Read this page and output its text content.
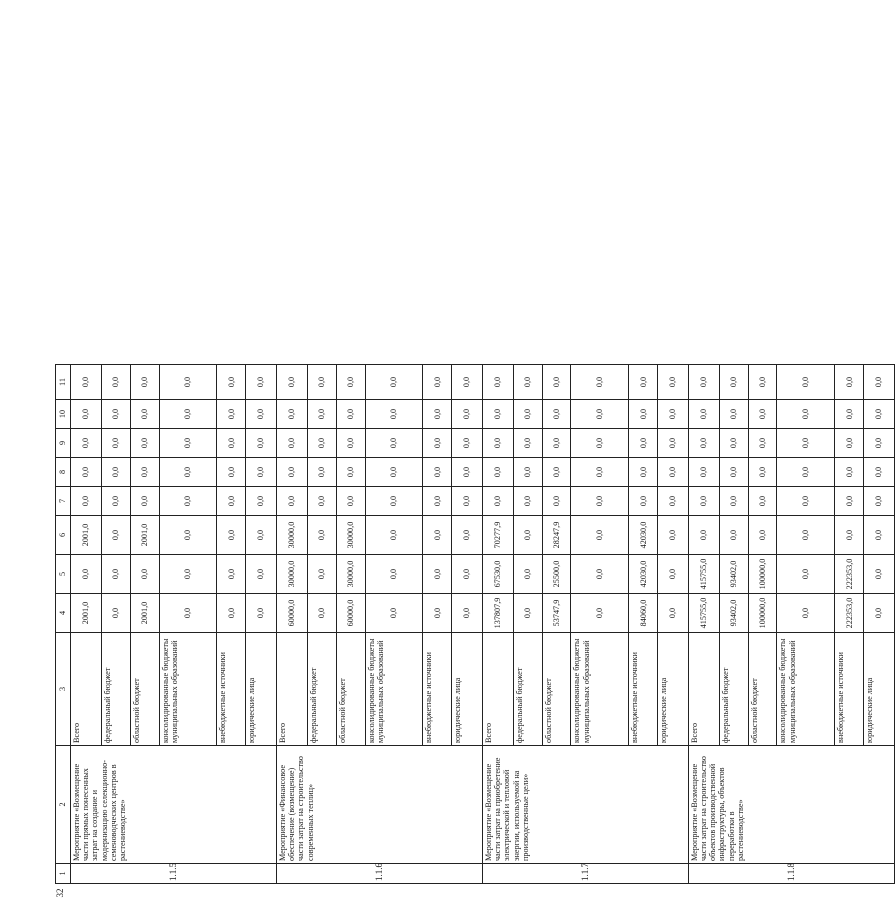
32
1	2	3	4	5	6	7	8	9	10	11
1.1.5	Мероприятие «Возмещение части прямых понесенных затрат на создание и модернизацию селекционно-семеноводческих центров в растениеводстве»	Всего	2001,0	0,0	2001,0	0,0	0,0	0,0	0,0	0,0
		федеральный бюджет	0,0	0,0	0,0	0,0	0,0	0,0	0,0	0,0
		областной бюджет	2001,0	0,0	2001,0	0,0	0,0	0,0	0,0	0,0
		консолидированные бюджеты муниципальных образований	0,0	0,0	0,0	0,0	0,0	0,0	0,0	0,0
		внебюджетные источники	0,0	0,0	0,0	0,0	0,0	0,0	0,0	0,0
		юридические лица	0,0	0,0	0,0	0,0	0,0	0,0	0,0	0,0
1.1.6	Мероприятие «Финансовое обеспечение (возмещение) части затрат на строительство современных теплиц»	Всего	60000,0	30000,0	30000,0	0,0	0,0	0,0	0,0	0,0
		федеральный бюджет	0,0	0,0	0,0	0,0	0,0	0,0	0,0	0,0
		областной бюджет	60000,0	30000,0	30000,0	0,0	0,0	0,0	0,0	0,0
		консолидированные бюджеты муниципальных образований	0,0	0,0	0,0	0,0	0,0	0,0	0,0	0,0
		внебюджетные источники	0,0	0,0	0,0	0,0	0,0	0,0	0,0	0,0
		юридические лица	0,0	0,0	0,0	0,0	0,0	0,0	0,0	0,0
1.1.7	Мероприятие «Возмещение части затрат на приобретение электрической и тепловой энергии, используемой на производственные цели»	Всего	137807,9	67530,0	70277,9	0,0	0,0	0,0	0,0	0,0
		федеральный бюджет	0,0	0,0	0,0	0,0	0,0	0,0	0,0	0,0
		областной бюджет	53747,9	25500,0	28247,9	0,0	0,0	0,0	0,0	0,0
		консолидированные бюджеты муниципальных образований	0,0	0,0	0,0	0,0	0,0	0,0	0,0	0,0
		внебюджетные источники	84060,0	42030,0	42030,0	0,0	0,0	0,0	0,0	0,0
		юридические лица	0,0	0,0	0,0	0,0	0,0	0,0	0,0	0,0
1.1.8	Мероприятие «Возмещение части затрат на строительство объектов производственной инфраструктуры, объектов переработки в растениеводстве»	Всего	415755,0	415755,0	0,0	0,0	0,0	0,0	0,0	0,0
		федеральный бюджет	93402,0	93402,0	0,0	0,0	0,0	0,0	0,0	0,0
		областной бюджет	100000,0	100000,0	0,0	0,0	0,0	0,0	0,0	0,0
		консолидированные бюджеты муниципальных образований	0,0	0,0	0,0	0,0	0,0	0,0	0,0	0,0
		внебюджетные источники	222353,0	222353,0	0,0	0,0	0,0	0,0	0,0	0,0
		юридические лица	0,0	0,0	0,0	0,0	0,0	0,0	0,0	0,0
